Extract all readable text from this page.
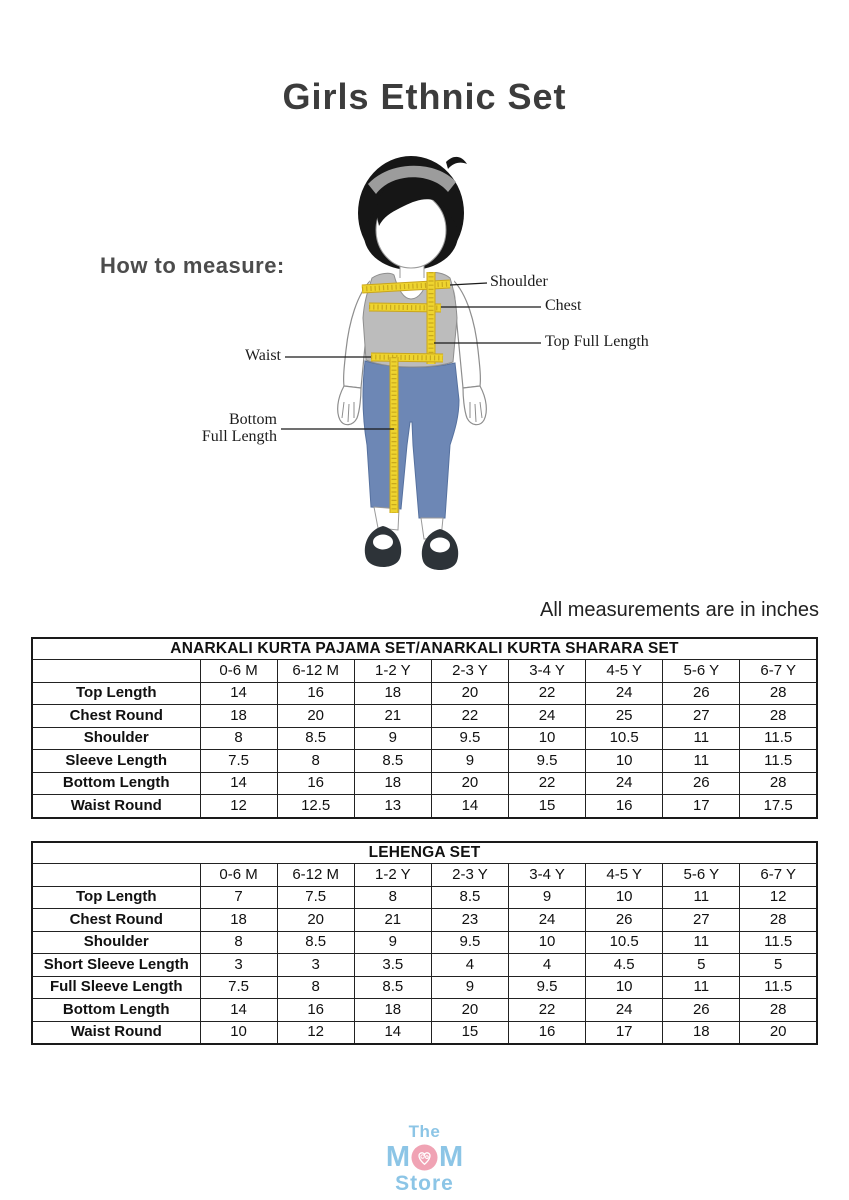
Girls Ethnic Set
How to measure:
Shoulder
Chest
Top Full Length
Waist
Bottom
Full Length
All measurements are in inches
ANARKALI KURTA PAJAMA SET/ANARKALI KURTA SHARARA SET								
	0-6 M	6-12 M	1-2 Y	2-3 Y	3-4 Y	4-5 Y	5-6 Y	6-7 Y
Top Length	14	16	18	20	22	24	26	28
Chest Round	18	20	21	22	24	25	27	28
Shoulder	8	8.5	9	9.5	10	10.5	11	11.5
Sleeve Length	7.5	8	8.5	9	9.5	10	11	11.5
Bottom Length	14	16	18	20	22	24	26	28
Waist Round	12	12.5	13	14	15	16	17	17.5
LEHENGA SET								
	0-6 M	6-12 M	1-2 Y	2-3 Y	3-4 Y	4-5 Y	5-6 Y	6-7 Y
Top Length	7	7.5	8	8.5	9	10	11	12
Chest Round	18	20	21	23	24	26	27	28
Shoulder	8	8.5	9	9.5	10	10.5	11	11.5
Short Sleeve Length	3	3	3.5	4	4	4.5	5	5
Full Sleeve Length	7.5	8	8.5	9	9.5	10	11	11.5
Bottom Length	14	16	18	20	22	24	26	28
Waist Round	10	12	14	15	16	17	18	20
The
M M
Store
